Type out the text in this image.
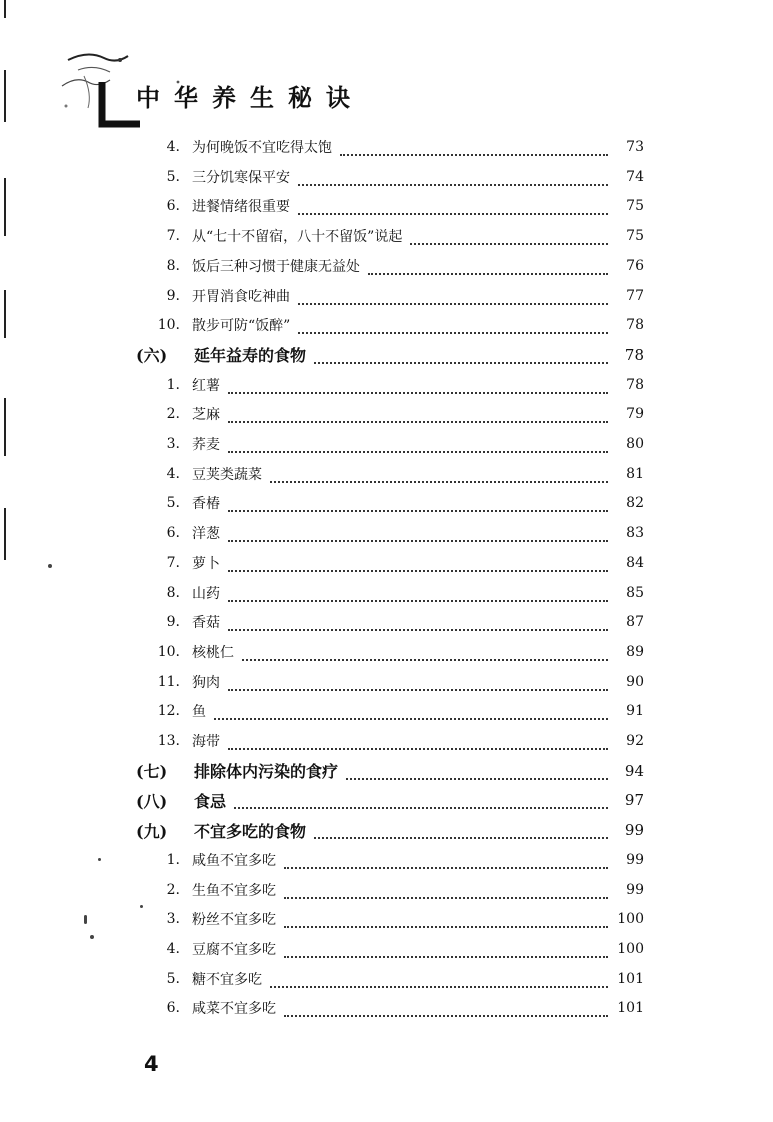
中华养生秘诀
4. 为何晚饭不宜吃得太饱	73
5. 三分饥寒保平安	74
6. 进餐情绪很重要	75
7. 从“七十不留宿，八十不留饭”说起	75
8. 饭后三种习惯于健康无益处	76
9. 开胃消食吃神曲	77
10. 散步可防“饭醉”	78
(六)	延年益寿的食物	78
1. 红薯	78
2. 芝麻	79
3. 荞麦	80
4. 豆荚类蔬菜	81
5. 香椿	82
6. 洋葱	83
7. 萝卜	84
8. 山药	85
9. 香菇	87
10. 核桃仁	89
11. 狗肉	90
12. 鱼	91
13. 海带	92
(七)	排除体内污染的食疗	94
(八)	食忌	97
(九)	不宜多吃的食物	99
1. 咸鱼不宜多吃	99
2. 生鱼不宜多吃	99
3. 粉丝不宜多吃	100
4. 豆腐不宜多吃	100
5. 糖不宜多吃	101
6. 咸菜不宜多吃	101
4
